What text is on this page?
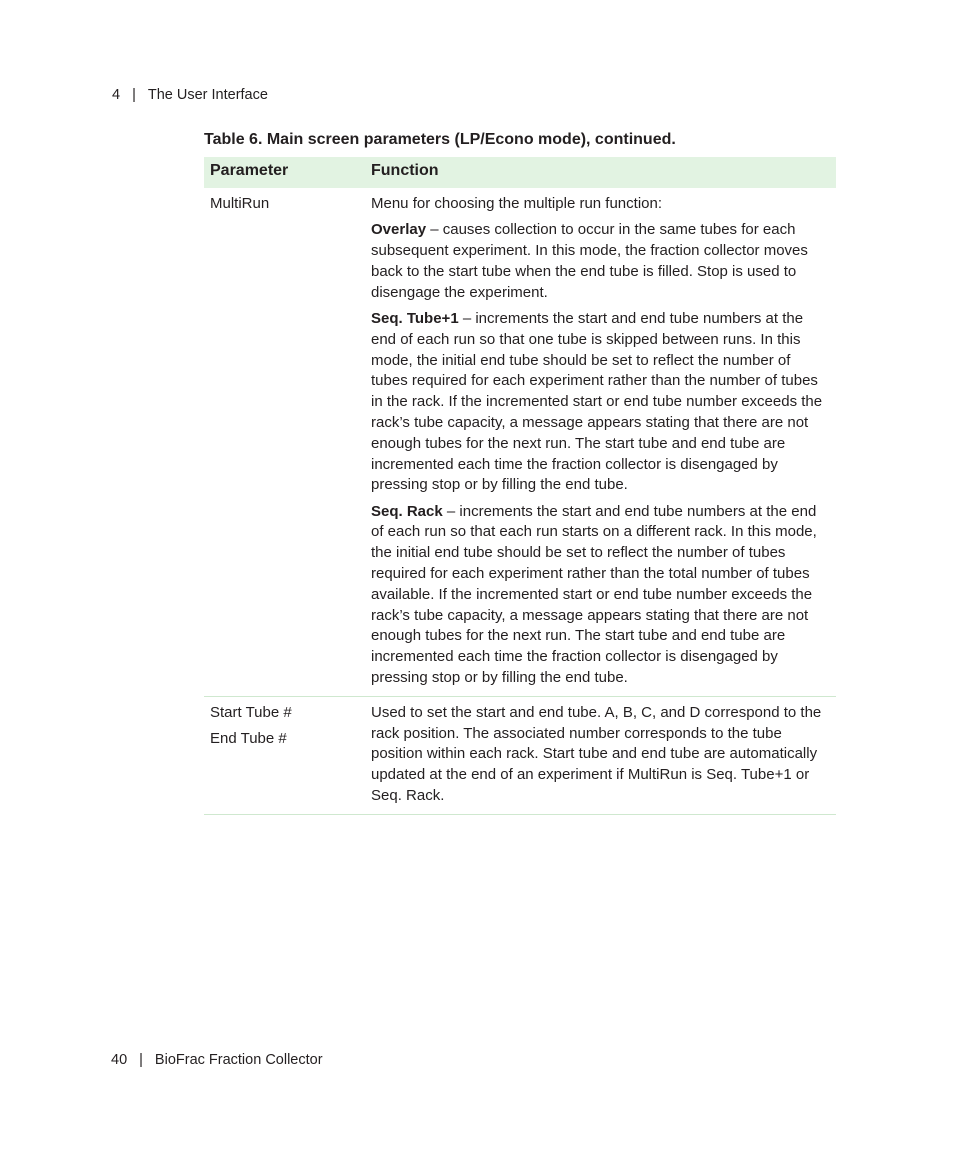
4 | The User Interface
Table 6. Main screen parameters (LP/Econo mode), continued.
Parameter	Function

MultiRun	Menu for choosing the multiple run function:

Overlay – causes collection to occur in the same tubes for each subsequent experiment. In this mode, the fraction collector moves back to the start tube when the end tube is filled. Stop is used to disengage the experiment.

Seq. Tube+1 – increments the start and end tube numbers at the end of each run so that one tube is skipped between runs. In this mode, the initial end tube should be set to reflect the number of tubes required for each experiment rather than the number of tubes in the rack. If the incremented start or end tube number exceeds the rack’s tube capacity, a message appears stating that there are not enough tubes for the next run. The start tube and end tube are incremented each time the fraction collector is disengaged by pressing stop or by filling the end tube.

Seq. Rack – increments the start and end tube numbers at the end of each run so that each run starts on a different rack. In this mode, the initial end tube should be set to reflect the number of tubes required for each experiment rather than the total number of tubes available. If the incremented start or end tube number exceeds the rack’s tube capacity, a message appears stating that there are not enough tubes for the next run. The start tube and end tube are incremented each time the fraction collector is disengaged by pressing stop or by filling the end tube.

Start Tube #

End Tube #	Used to set the start and end tube. A, B, C, and D correspond to the rack position. The associated number corresponds to the tube position within each rack. Start tube and end tube are automatically updated at the end of an experiment if MultiRun is Seq. Tube+1 or Seq. Rack.

40 | BioFrac Fraction Collector
